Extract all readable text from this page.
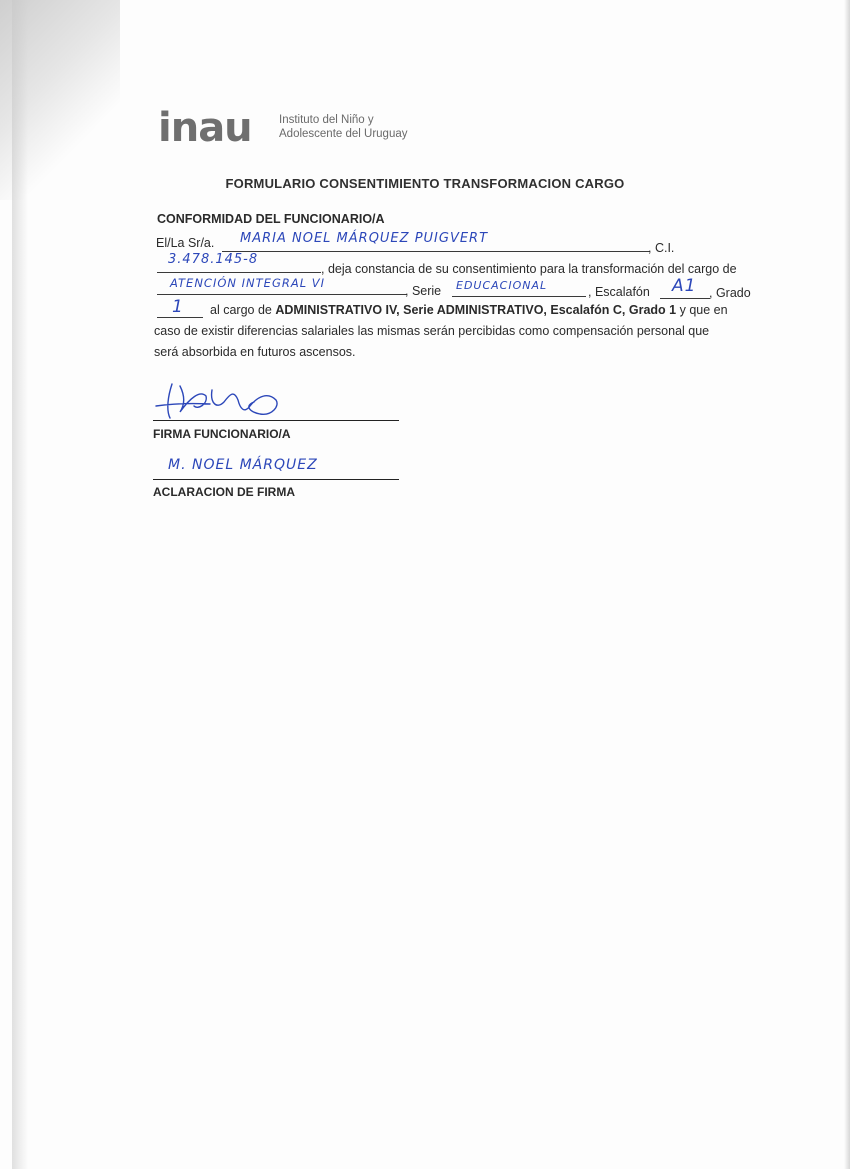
inau Instituto del Niño y
Adolescente del Uruguay
FORMULARIO CONSENTIMIENTO TRANSFORMACION CARGO
CONFORMIDAD DEL FUNCIONARIO/A
El/La Sr/a. MARIA NOEL MÁRQUEZ PUIGVERT
, C.I.
3.478.145-8
, deja constancia de su consentimiento para la transformación del cargo de
ATENCIÓN INTEGRAL VI
, Serie EDUCACIONAL	, Escalafón A1 , Grado
1 al cargo de ADMINISTRATIVO IV, Serie ADMINISTRATIVO, Escalafón C, Grado 1 y que en
caso de existir diferencias salariales las mismas serán percibidas como compensación personal que
será absorbida en futuros ascensos.
FIRMA FUNCIONARIO/A
M. NOEL MÁRQUEZ
ACLARACION DE FIRMA
